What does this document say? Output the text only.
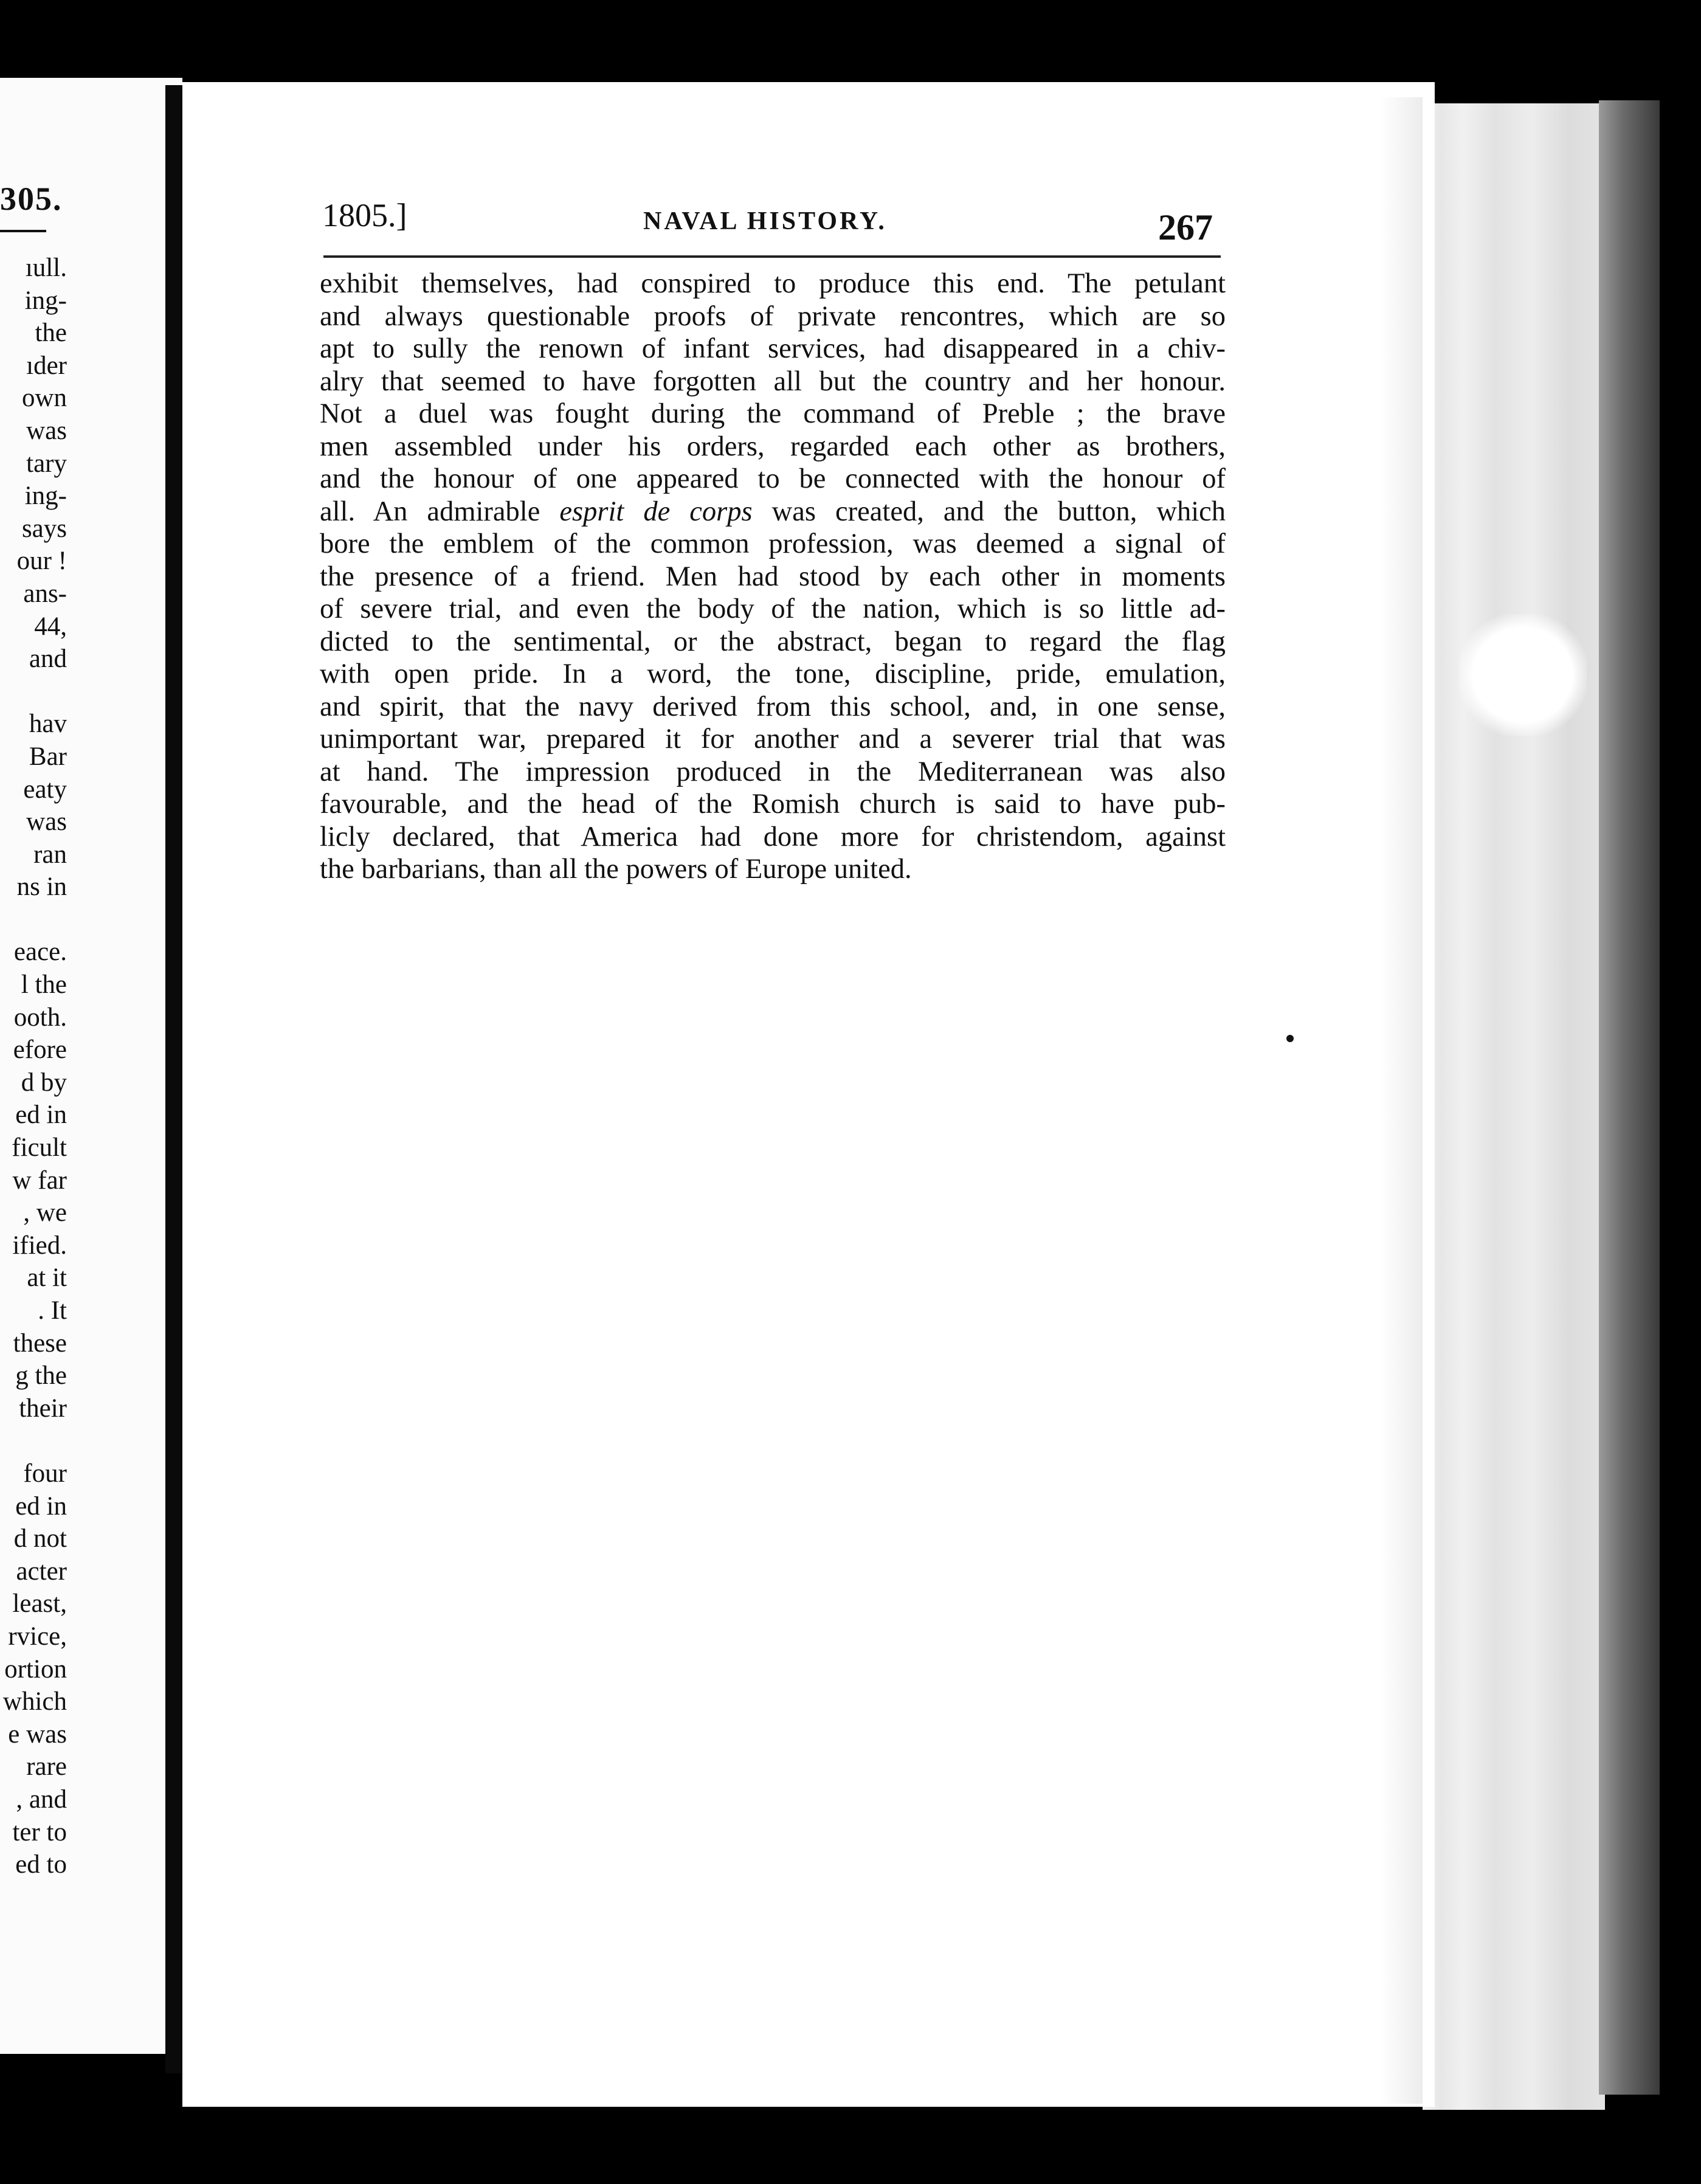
305.
ıull.
ing-
the
ıder
own
was
tary
ing-
says
our !
ans-
44,
and

hav
Bar
eaty
was
ran
ns in

eace.
l the
ooth.
efore
d by
ed in
ficult
w far
, we
ified.
at it
. It
these
g the
their

four
ed in
d not
acter
least,
rvice,
ortion
which
e was
rare
, and
ter to
ed to
1805.]	NAVAL HISTORY.	267
exhibit themselves, had conspired to produce this end. The petulant
and always questionable proofs of private rencontres, which are so
apt to sully the renown of infant services, had disappeared in a chiv-
alry that seemed to have forgotten all but the country and her honour.
Not a duel was fought during the command of Preble ; the brave
men assembled under his orders, regarded each other as brothers,
and the honour of one appeared to be connected with the honour of
all. An admirable esprit de corps was created, and the button, which
bore the emblem of the common profession, was deemed a signal of
the presence of a friend. Men had stood by each other in moments
of severe trial, and even the body of the nation, which is so little ad-
dicted to the sentimental, or the abstract, began to regard the flag
with open pride. In a word, the tone, discipline, pride, emulation,
and spirit, that the navy derived from this school, and, in one sense,
unimportant war, prepared it for another and a severer trial that was
at hand. The impression produced in the Mediterranean was also
favourable, and the head of the Romish church is said to have pub-
licly declared, that America had done more for christendom, against
the barbarians, than all the powers of Europe united.
